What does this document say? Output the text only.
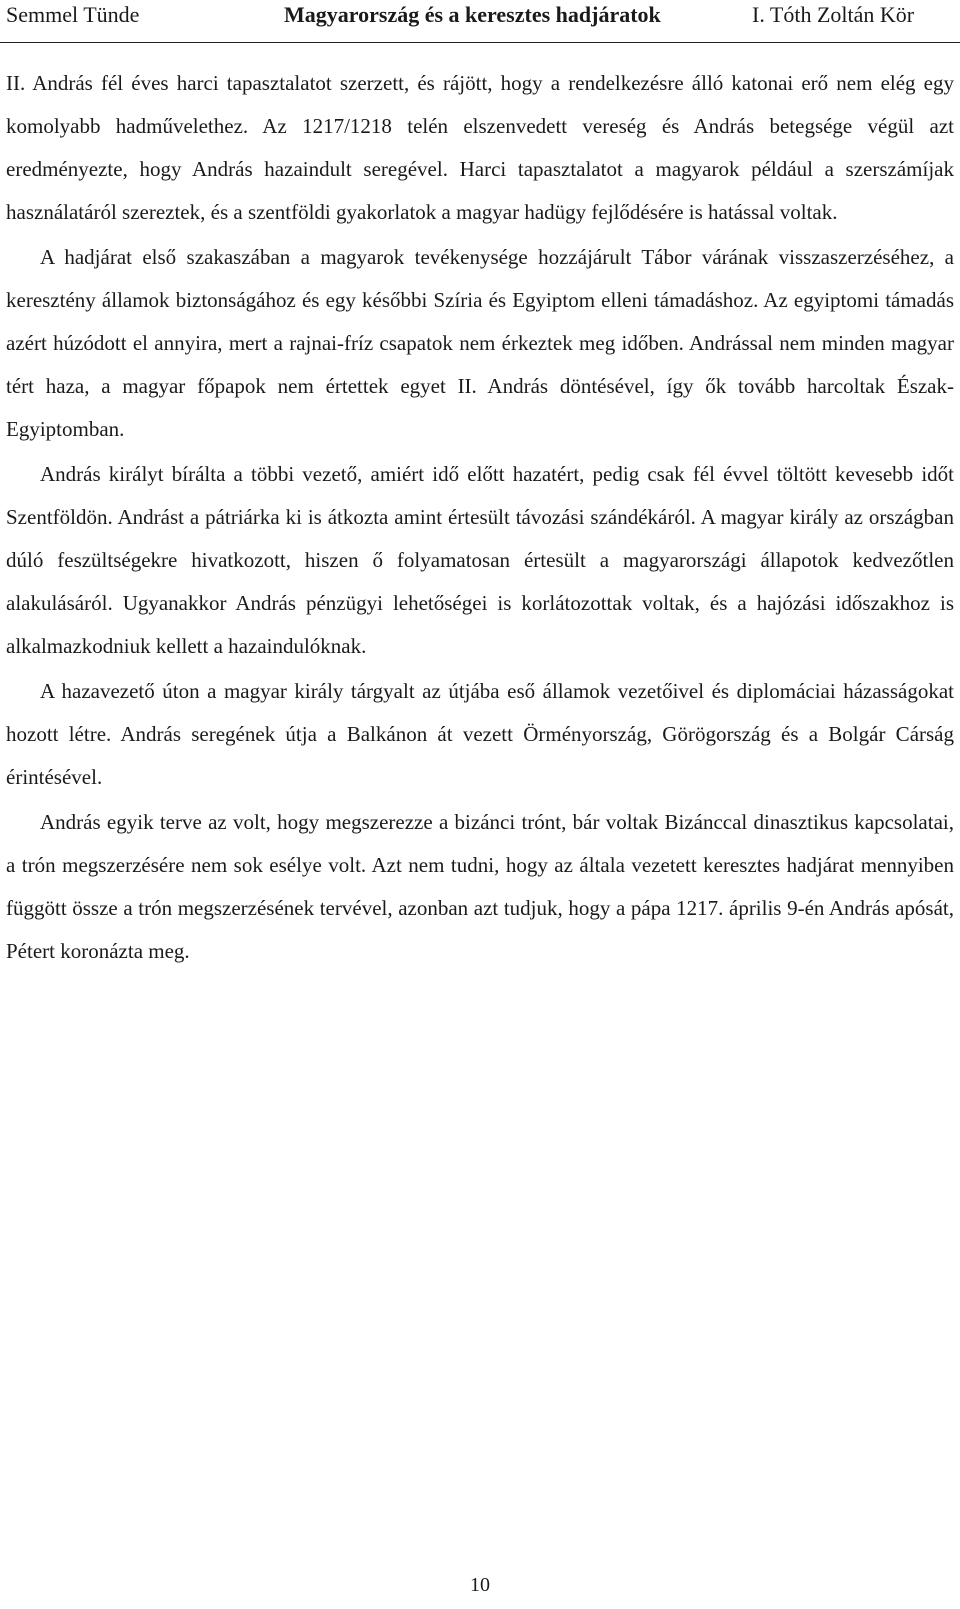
Semmel Tünde	Magyarország és a keresztes hadjáratok	I. Tóth Zoltán Kör

II. András fél éves harci tapasztalatot szerzett, és rájött, hogy a rendelkezésre álló katonai erő nem elég egy komolyabb hadművelethez. Az 1217/1218 telén elszenvedett vereség és András betegsége végül azt eredményezte, hogy András hazaindult seregével. Harci tapasztalatot a magyarok például a szerszámíjak használatáról szereztek, és a szentföldi gyakorlatok a magyar hadügy fejlődésére is hatással voltak.

A hadjárat első szakaszában a magyarok tevékenysége hozzájárult Tábor várának visszaszerzéséhez, a keresztény államok biztonságához és egy későbbi Szíria és Egyiptom elleni támadáshoz. Az egyiptomi támadás azért húzódott el annyira, mert a rajnai-fríz csapatok nem érkeztek meg időben. Andrással nem minden magyar tért haza, a magyar főpapok nem értettek egyet II. András döntésével, így ők tovább harcoltak Észak-Egyiptomban.

András királyt bírálta a többi vezető, amiért idő előtt hazatért, pedig csak fél évvel töltött kevesebb időt Szentföldön. Andrást a pátriárka ki is átkozta amint értesült távozási szándékáról. A magyar király az országban dúló feszültségekre hivatkozott, hiszen ő folyamatosan értesült a magyarországi állapotok kedvezőtlen alakulásáról. Ugyanakkor András pénzügyi lehetőségei is korlátozottak voltak, és a hajózási időszakhoz is alkalmazkodniuk kellett a hazaindulóknak.

A hazavezető úton a magyar király tárgyalt az útjába eső államok vezetőivel és diplomáciai házasságokat hozott létre. András seregének útja a Balkánon át vezett Örményország, Görögország és a Bolgár Cárság érintésével.

András egyik terve az volt, hogy megszerezze a bizánci trónt, bár voltak Bizánccal dinasztikus kapcsolatai, a trón megszerzésére nem sok esélye volt. Azt nem tudni, hogy az általa vezetett keresztes hadjárat mennyiben függött össze a trón megszerzésének tervével, azonban azt tudjuk, hogy a pápa 1217. április 9-én András apósát, Pétert koronázta meg.

10
